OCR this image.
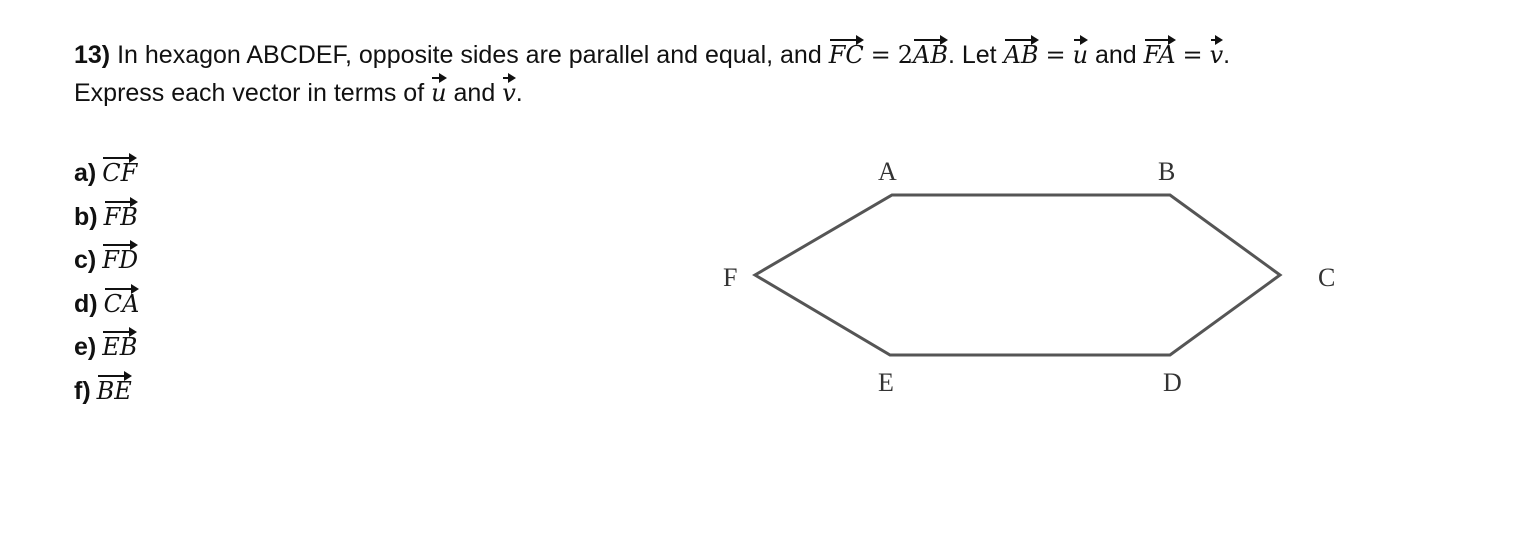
13) In hexagon ABCDEF, opposite sides are parallel and equal, and FC = 2AB. Let AB = u and FA = v.
Express each vector in terms of u and v.
a) CF
b) FB
c) FD
d) CA
e) EB
f) BE
A	B
C
D
E
F
